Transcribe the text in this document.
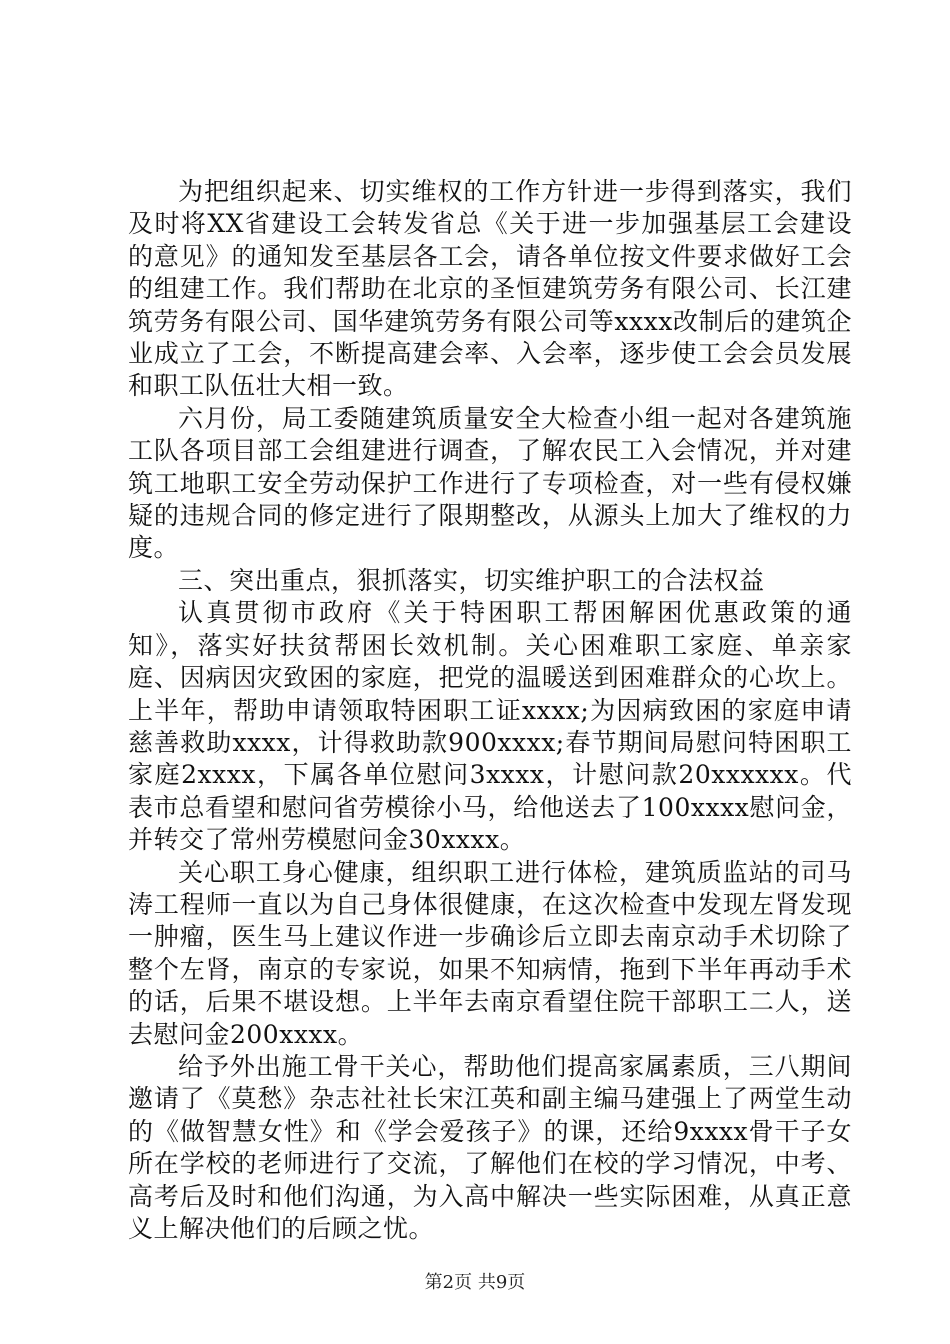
为把组织起来、切实维权的工作方针进一步得到落实，我们及时将XX省建设工会转发省总《关于进一步加强基层工会建设的意见》的通知发至基层各工会，请各单位按文件要求做好工会的组建工作。我们帮助在北京的圣恒建筑劳务有限公司、长江建筑劳务有限公司、国华建筑劳务有限公司等xxxx改制后的建筑企业成立了工会，不断提高建会率、入会率，逐步使工会会员发展和职工队伍壮大相一致。

六月份，局工委随建筑质量安全大检查小组一起对各建筑施工队各项目部工会组建进行调查，了解农民工入会情况，并对建筑工地职工安全劳动保护工作进行了专项检查，对一些有侵权嫌疑的违规合同的修定进行了限期整改，从源头上加大了维权的力度。

三、突出重点，狠抓落实，切实维护职工的合法权益

认真贯彻市政府《关于特困职工帮困解困优惠政策的通知》，落实好扶贫帮困长效机制。关心困难职工家庭、单亲家庭、因病因灾致困的家庭，把党的温暖送到困难群众的心坎上。上半年，帮助申请领取特困职工证xxxx;为因病致困的家庭申请慈善救助xxxx，计得救助款900xxxx;春节期间局慰问特困职工家庭2xxxx，下属各单位慰问3xxxx，计慰问款20xxxxxx。代表市总看望和慰问省劳模徐小马，给他送去了100xxxx慰问金，并转交了常州劳模慰问金30xxxx。

关心职工身心健康，组织职工进行体检，建筑质监站的司马涛工程师一直以为自己身体很健康，在这次检查中发现左肾发现一肿瘤，医生马上建议作进一步确诊后立即去南京动手术切除了整个左肾，南京的专家说，如果不知病情，拖到下半年再动手术的话，后果不堪设想。上半年去南京看望住院干部职工二人，送去慰问金200xxxx。

给予外出施工骨干关心，帮助他们提高家属素质，三八期间邀请了《莫愁》杂志社社长宋江英和副主编马建强上了两堂生动的《做智慧女性》和《学会爱孩子》的课，还给9xxxx骨干子女所在学校的老师进行了交流，了解他们在校的学习情况，中考、高考后及时和他们沟通，为入高中解决一些实际困难，从真正意义上解决他们的后顾之忧。

第2页 共9页
